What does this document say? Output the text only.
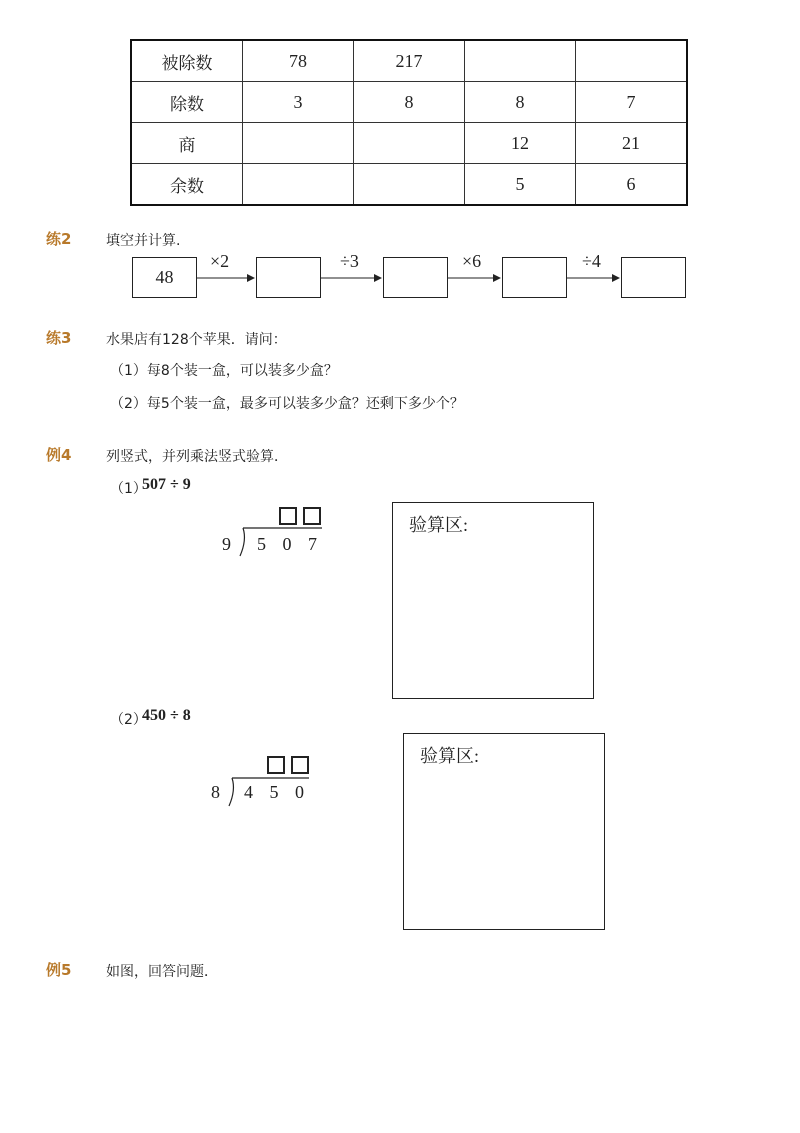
被除数	78	217		
除数	3	8	8	7
商			12	21
余数			5	6
练2 填空并计算.
48
×2	÷3	×6	÷4
练3 水果店有128个苹果．请问：
（1）每8个装一盒，可以装多少盒？
（2）每5个装一盒，最多可以装多少盒？还剩下多少个？
例4 列竖式，并列乘法竖式验算．
（1）
507 ÷ 9
9 5 0 7
验算区:
（2）
450 ÷ 8
8 4 5 0
验算区:
例5 如图，回答问题．
